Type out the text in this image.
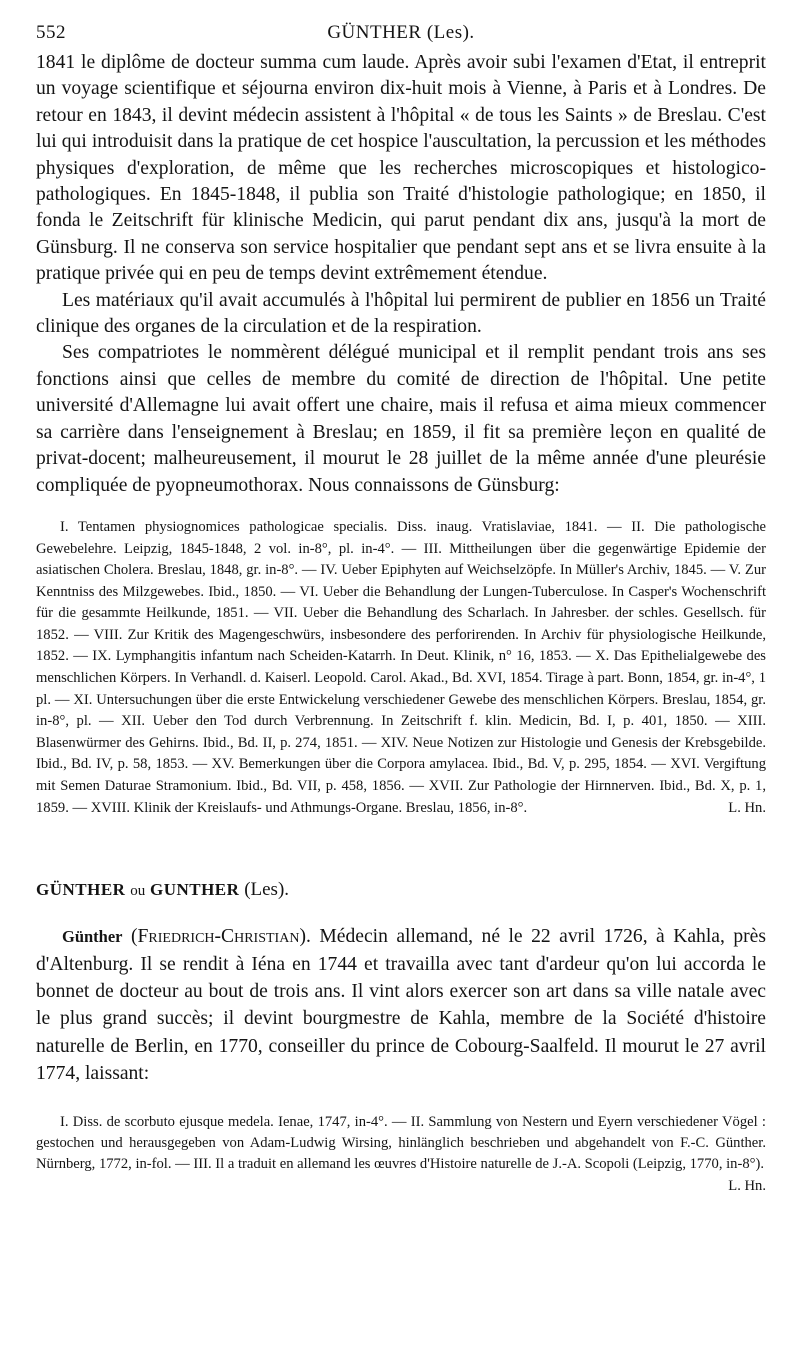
552	GÜNTHER (Les).

1841 le diplôme de docteur summa cum laude. Après avoir subi l'examen d'Etat, il entreprit un voyage scientifique et séjourna environ dix-huit mois à Vienne, à Paris et à Londres. De retour en 1843, il devint médecin assistent à l'hôpital « de tous les Saints » de Breslau. C'est lui qui introduisit dans la pratique de cet hospice l'auscultation, la percussion et les méthodes physiques d'exploration, de même que les recherches microscopiques et histologico-pathologiques. En 1845-1848, il publia son Traité d'histologie pathologique; en 1850, il fonda le Zeitschrift für klinische Medicin, qui parut pendant dix ans, jusqu'à la mort de Günsburg. Il ne conserva son service hospitalier que pendant sept ans et se livra ensuite à la pratique privée qui en peu de temps devint extrêmement étendue.

Les matériaux qu'il avait accumulés à l'hôpital lui permirent de publier en 1856 un Traité clinique des organes de la circulation et de la respiration.

Ses compatriotes le nommèrent délégué municipal et il remplit pendant trois ans ses fonctions ainsi que celles de membre du comité de direction de l'hôpital. Une petite université d'Allemagne lui avait offert une chaire, mais il refusa et aima mieux commencer sa carrière dans l'enseignement à Breslau; en 1859, il fit sa première leçon en qualité de privat-docent; malheureusement, il mourut le 28 juillet de la même année d'une pleurésie compliquée de pyopneumothorax. Nous connaissons de Günsburg:

I. Tentamen physiognomices pathologicae specialis. Diss. inaug. Vratislaviae, 1841. — II. Die pathologische Gewebelehre. Leipzig, 1845-1848, 2 vol. in-8°, pl. in-4°. — III. Mittheilungen über die gegenwärtige Epidemie der asiatischen Cholera. Breslau, 1848, gr. in-8°. — IV. Ueber Epiphyten auf Weichselzöpfe. In Müller's Archiv, 1845. — V. Zur Kenntniss des Milzgewebes. Ibid., 1850. — VI. Ueber die Behandlung der Lungen-Tuberculose. In Casper's Wochenschrift für die gesammte Heilkunde, 1851. — VII. Ueber die Behandlung des Scharlach. In Jahresber. der schles. Gesellsch. für 1852. — VIII. Zur Kritik des Magengeschwürs, insbesondere des perforirenden. In Archiv für physiologische Heilkunde, 1852. — IX. Lymphangitis infantum nach Scheiden-Katarrh. In Deut. Klinik, n° 16, 1853. — X. Das Epithelialgewebe des menschlichen Körpers. In Verhandl. d. Kaiserl. Leopold. Carol. Akad., Bd. XVI, 1854. Tirage à part. Bonn, 1854, gr. in-4°, 1 pl. — XI. Untersuchungen über die erste Entwickelung verschiedener Gewebe des menschlichen Körpers. Breslau, 1854, gr. in-8°, pl. — XII. Ueber den Tod durch Verbrennung. In Zeitschrift f. klin. Medicin, Bd. I, p. 401, 1850. — XIII. Blasenwürmer des Gehirns. Ibid., Bd. II, p. 274, 1851. — XIV. Neue Notizen zur Histologie und Genesis der Krebsgebilde. Ibid., Bd. IV, p. 58, 1853. — XV. Bemerkungen über die Corpora amylacea. Ibid., Bd. V, p. 295, 1854. — XVI. Vergiftung mit Semen Daturae Stramonium. Ibid., Bd. VII, p. 458, 1856. — XVII. Zur Pathologie der Hirnnerven. Ibid., Bd. X, p. 1, 1859. — XVIII. Klinik der Kreislaufs- und Athmungs-Organe. Breslau, 1856, in-8°.	L. Hn.

GÜNTHER ou GUNTHER (Les).

Günther (Friedrich-Christian). Médecin allemand, né le 22 avril 1726, à Kahla, près d'Altenburg. Il se rendit à Iéna en 1744 et travailla avec tant d'ardeur qu'on lui accorda le bonnet de docteur au bout de trois ans. Il vint alors exercer son art dans sa ville natale avec le plus grand succès; il devint bourgmestre de Kahla, membre de la Société d'histoire naturelle de Berlin, en 1770, conseiller du prince de Cobourg-Saalfeld. Il mourut le 27 avril 1774, laissant:

I. Diss. de scorbuto ejusque medela. Ienae, 1747, in-4°. — II. Sammlung von Nestern und Eyern verschiedener Vögel : gestochen und herausgegeben von Adam-Ludwig Wirsing, hinlänglich beschrieben und abgehandelt von F.-C. Günther. Nürnberg, 1772, in-fol. — III. Il a traduit en allemand les œuvres d'Histoire naturelle de J.-A. Scopoli (Leipzig, 1770, in-8°).
L. Hn.
